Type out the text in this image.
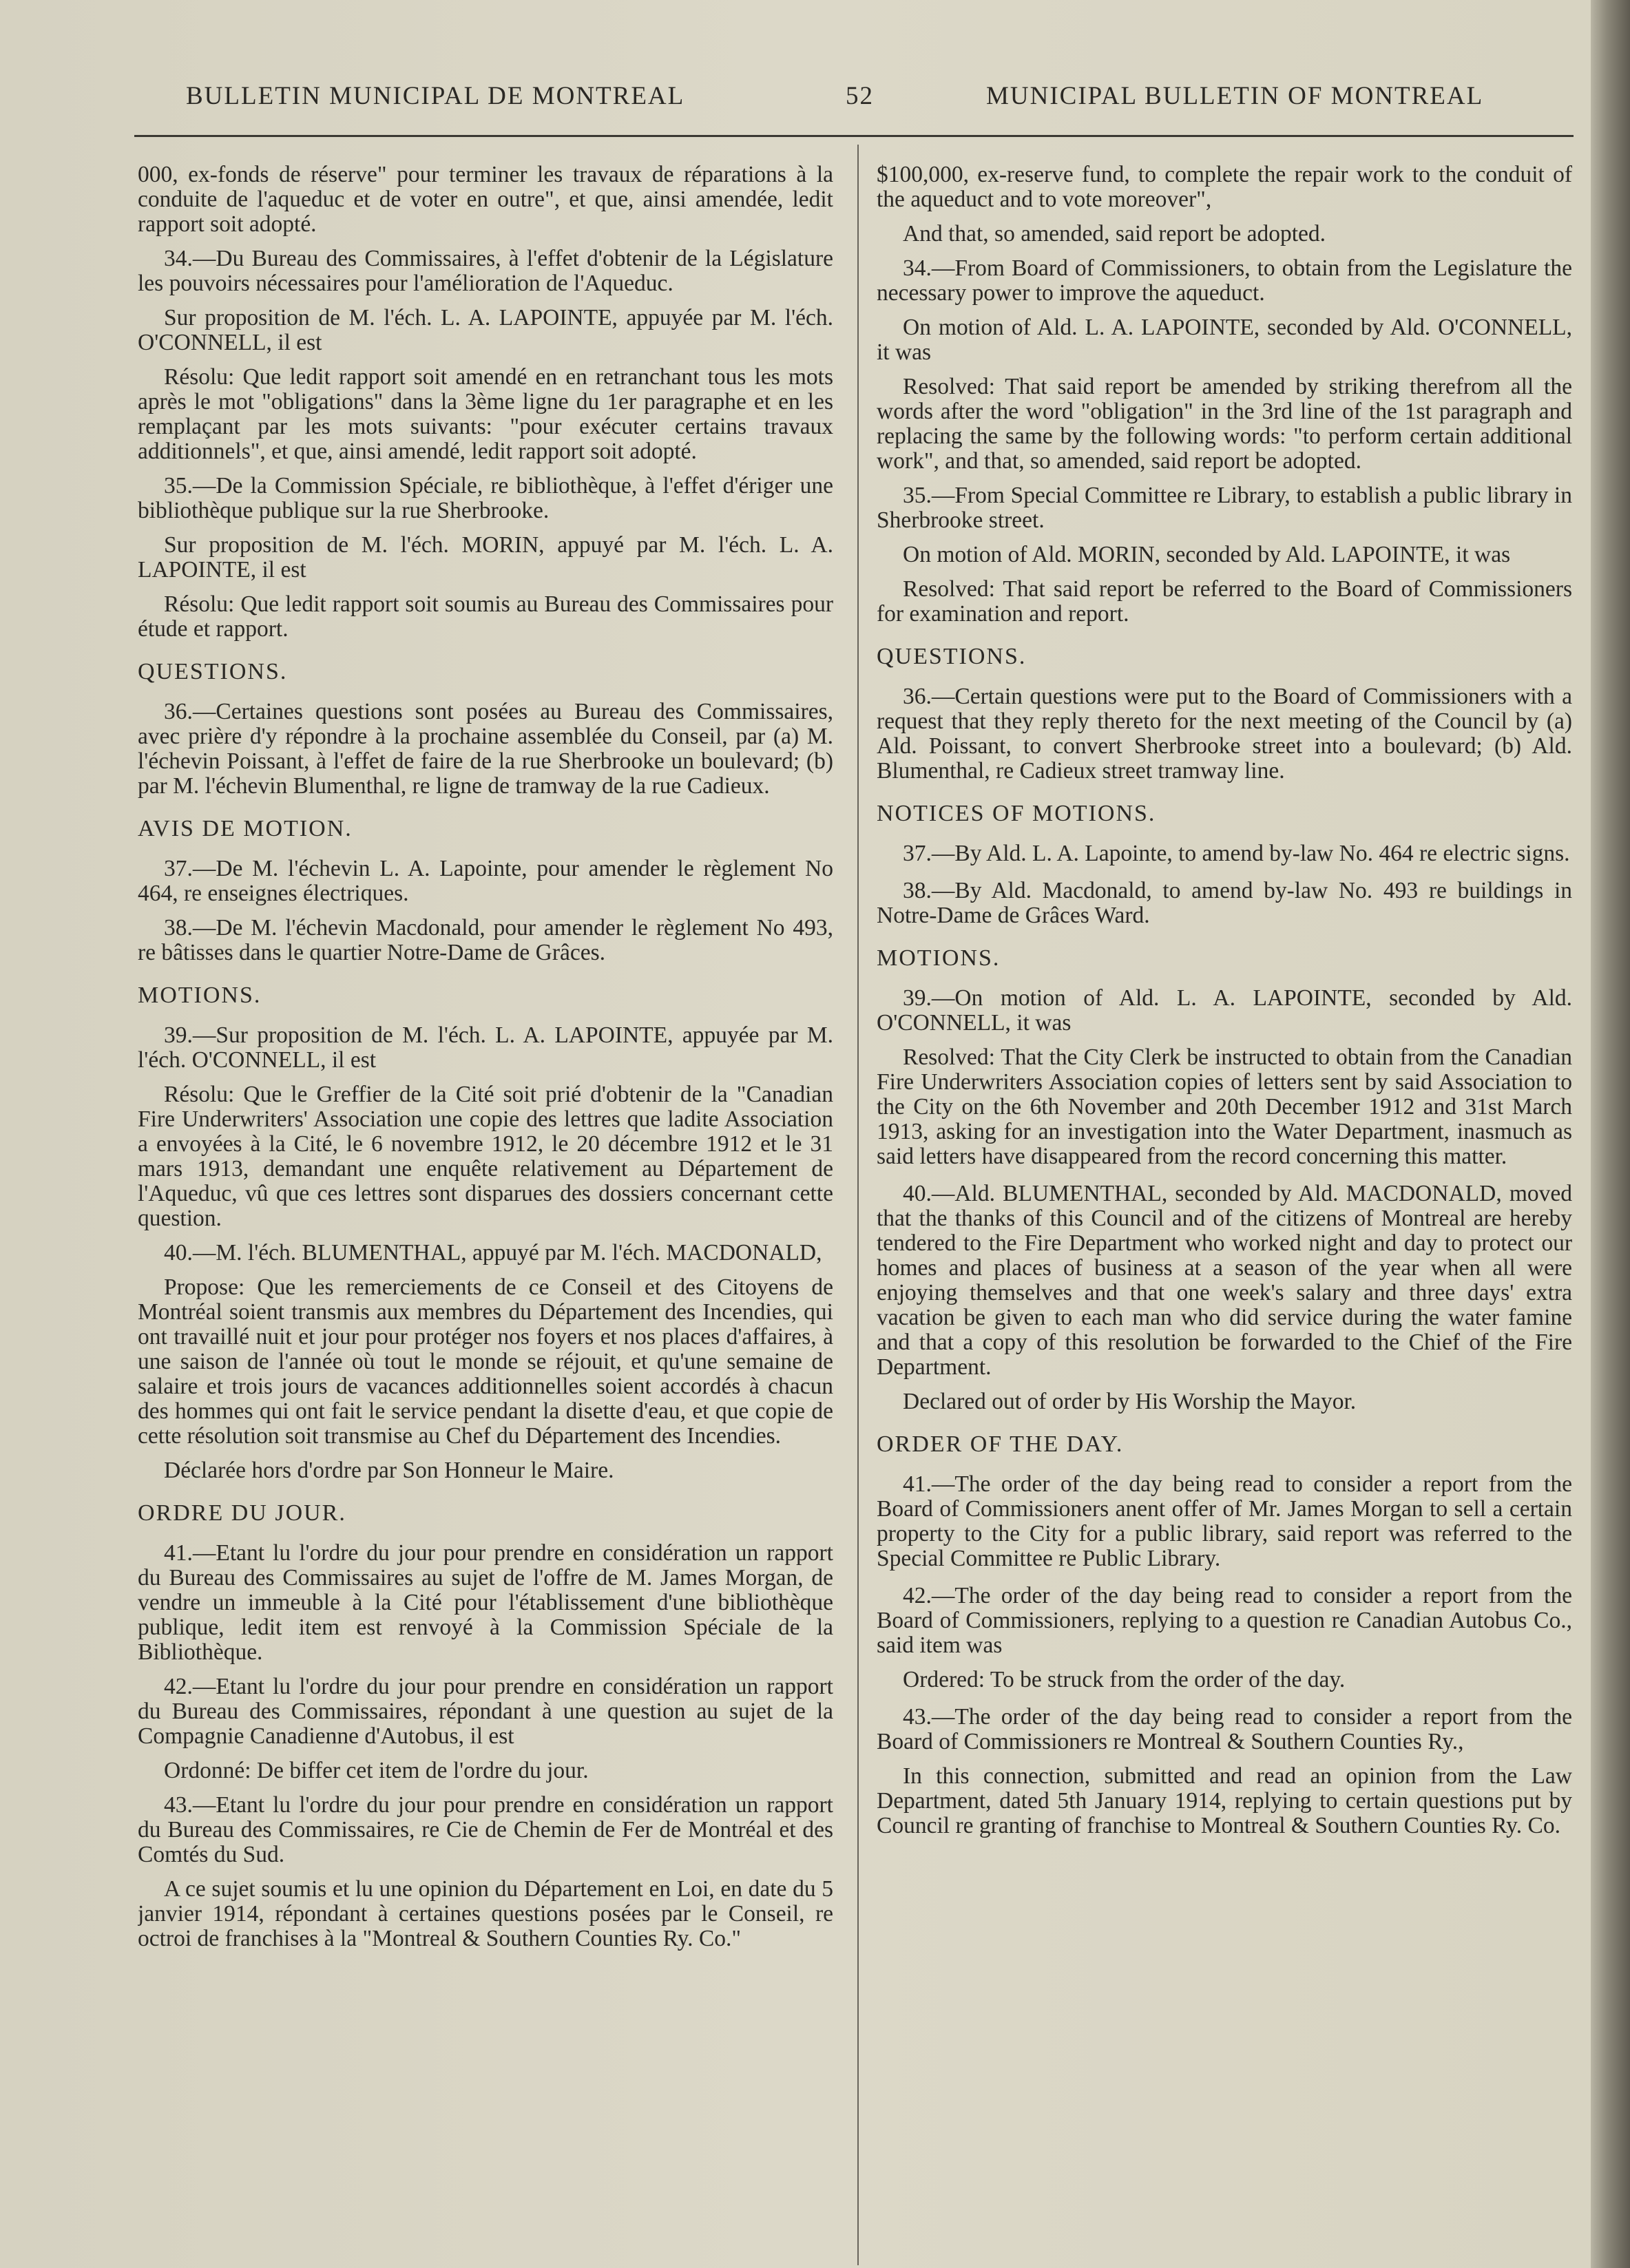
BULLETIN MUNICIPAL DE MONTREAL	52	MUNICIPAL BULLETIN OF MONTREAL

000, ex-fonds de réserve" pour terminer les travaux de réparations à la conduite de l'aqueduc et de voter en outre", et que, ainsi amendée, ledit rapport soit adopté.

34.—Du Bureau des Commissaires, à l'effet d'obtenir de la Législature les pouvoirs nécessaires pour l'amélioration de l'Aqueduc.

Sur proposition de M. l'éch. L. A. LAPOINTE, appuyée par M. l'éch. O'CONNELL, il est

Résolu: Que ledit rapport soit amendé en en retranchant tous les mots après le mot "obligations" dans la 3ème ligne du 1er paragraphe et en les remplaçant par les mots suivants: "pour exécuter certains travaux additionnels", et que, ainsi amendé, ledit rapport soit adopté.

35.—De la Commission Spéciale, re bibliothèque, à l'effet d'ériger une bibliothèque publique sur la rue Sherbrooke.

Sur proposition de M. l'éch. MORIN, appuyé par M. l'éch. L. A. LAPOINTE, il est

Résolu: Que ledit rapport soit soumis au Bureau des Commissaires pour étude et rapport.

QUESTIONS.

36.—Certaines questions sont posées au Bureau des Commissaires, avec prière d'y répondre à la prochaine assemblée du Conseil, par (a) M. l'échevin Poissant, à l'effet de faire de la rue Sherbrooke un boulevard; (b) par M. l'échevin Blumenthal, re ligne de tramway de la rue Cadieux.

AVIS DE MOTION.

37.—De M. l'échevin L. A. Lapointe, pour amender le règlement No 464, re enseignes électriques.

38.—De M. l'échevin Macdonald, pour amender le règlement No 493, re bâtisses dans le quartier Notre-Dame de Grâces.

MOTIONS.

39.—Sur proposition de M. l'éch. L. A. LAPOINTE, appuyée par M. l'éch. O'CONNELL, il est

Résolu: Que le Greffier de la Cité soit prié d'obtenir de la "Canadian Fire Underwriters' Association une copie des lettres que ladite Association a envoyées à la Cité, le 6 novembre 1912, le 20 décembre 1912 et le 31 mars 1913, demandant une enquête relativement au Département de l'Aqueduc, vû que ces lettres sont disparues des dossiers concernant cette question.

40.—M. l'éch. BLUMENTHAL, appuyé par M. l'éch. MACDONALD,

Propose: Que les remerciements de ce Conseil et des Citoyens de Montréal soient transmis aux membres du Département des Incendies, qui ont travaillé nuit et jour pour protéger nos foyers et nos places d'affaires, à une saison de l'année où tout le monde se réjouit, et qu'une semaine de salaire et trois jours de vacances additionnelles soient accordés à chacun des hommes qui ont fait le service pendant la disette d'eau, et que copie de cette résolution soit transmise au Chef du Département des Incendies.

Déclarée hors d'ordre par Son Honneur le Maire.

ORDRE DU JOUR.

41.—Etant lu l'ordre du jour pour prendre en considération un rapport du Bureau des Commissaires au sujet de l'offre de M. James Morgan, de vendre un immeuble à la Cité pour l'établissement d'une bibliothèque publique, ledit item est renvoyé à la Commission Spéciale de la Bibliothèque.

42.—Etant lu l'ordre du jour pour prendre en considération un rapport du Bureau des Commissaires, répondant à une question au sujet de la Compagnie Canadienne d'Autobus, il est

Ordonné: De biffer cet item de l'ordre du jour.

43.—Etant lu l'ordre du jour pour prendre en considération un rapport du Bureau des Commissaires, re Cie de Chemin de Fer de Montréal et des Comtés du Sud.

A ce sujet soumis et lu une opinion du Département en Loi, en date du 5 janvier 1914, répondant à certaines questions posées par le Conseil, re octroi de franchises à la "Montreal & Southern Counties Ry. Co."

$100,000, ex-reserve fund, to complete the repair work to the conduit of the aqueduct and to vote moreover",

And that, so amended, said report be adopted.

34.—From Board of Commissioners, to obtain from the Legislature the necessary power to improve the aqueduct.

On motion of Ald. L. A. LAPOINTE, seconded by Ald. O'CONNELL, it was

Resolved: That said report be amended by striking therefrom all the words after the word "obligation" in the 3rd line of the 1st paragraph and replacing the same by the following words: "to perform certain additional work", and that, so amended, said report be adopted.

35.—From Special Committee re Library, to establish a public library in Sherbrooke street.

On motion of Ald. MORIN, seconded by Ald. LAPOINTE, it was

Resolved: That said report be referred to the Board of Commissioners for examination and report.

QUESTIONS.

36.—Certain questions were put to the Board of Commissioners with a request that they reply thereto for the next meeting of the Council by (a) Ald. Poissant, to convert Sherbrooke street into a boulevard; (b) Ald. Blumenthal, re Cadieux street tramway line.

NOTICES OF MOTIONS.

37.—By Ald. L. A. Lapointe, to amend by-law No. 464 re electric signs.

38.—By Ald. Macdonald, to amend by-law No. 493 re buildings in Notre-Dame de Grâces Ward.

MOTIONS.

39.—On motion of Ald. L. A. LAPOINTE, seconded by Ald. O'CONNELL, it was

Resolved: That the City Clerk be instructed to obtain from the Canadian Fire Underwriters Association copies of letters sent by said Association to the City on the 6th November and 20th December 1912 and 31st March 1913, asking for an investigation into the Water Department, inasmuch as said letters have disappeared from the record concerning this matter.

40.—Ald. BLUMENTHAL, seconded by Ald. MACDONALD, moved that the thanks of this Council and of the citizens of Montreal are hereby tendered to the Fire Department who worked night and day to protect our homes and places of business at a season of the year when all were enjoying themselves and that one week's salary and three days' extra vacation be given to each man who did service during the water famine and that a copy of this resolution be forwarded to the Chief of the Fire Department.

Declared out of order by His Worship the Mayor.

ORDER OF THE DAY.

41.—The order of the day being read to consider a report from the Board of Commissioners anent offer of Mr. James Morgan to sell a certain property to the City for a public library, said report was referred to the Special Committee re Public Library.

42.—The order of the day being read to consider a report from the Board of Commissioners, replying to a question re Canadian Autobus Co., said item was

Ordered: To be struck from the order of the day.

43.—The order of the day being read to consider a report from the Board of Commissioners re Montreal & Southern Counties Ry.,

In this connection, submitted and read an opinion from the Law Department, dated 5th January 1914, replying to certain questions put by Council re granting of franchise to Montreal & Southern Counties Ry. Co.
